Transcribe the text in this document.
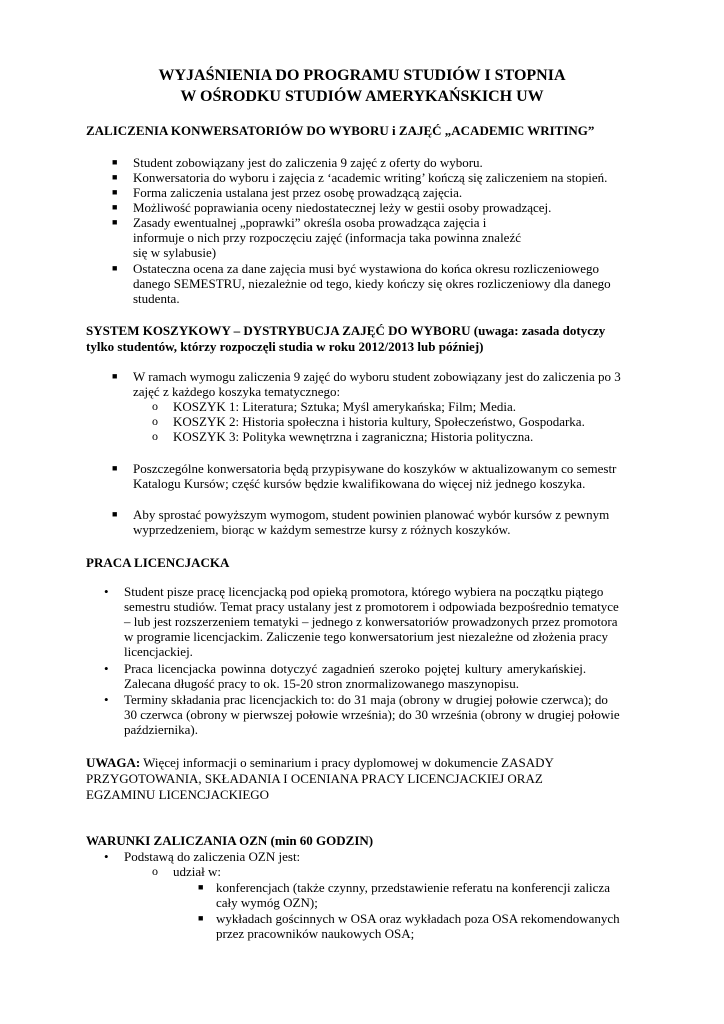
WYJAŚNIENIA DO PROGRAMU STUDIÓW I STOPNIA
W OŚRODKU STUDIÓW AMERYKAŃSKICH UW
ZALICZENIA KONWERSATORIÓW DO WYBORU i ZAJĘĆ „ACADEMIC WRITING”
■ Student zobowiązany jest do zaliczenia 9 zajęć z oferty do wyboru.
■ Konwersatoria do wyboru i zajęcia z ‘academic writing’ kończą się zaliczeniem na stopień.
■ Forma zaliczenia ustalana jest przez osobę prowadzącą zajęcia.
■ Możliwość poprawiania oceny niedostatecznej leży w gestii osoby prowadzącej.
■ Zasady ewentualnej „poprawki” określa osoba prowadząca zajęcia i
informuje o nich przy rozpoczęciu zajęć (informacja taka powinna znaleźć
się w sylabusie)
■ Ostateczna ocena za dane zajęcia musi być wystawiona do końca okresu rozliczeniowego
danego SEMESTRU, niezależnie od tego, kiedy kończy się okres rozliczeniowy dla danego
studenta.
SYSTEM KOSZYKOWY – DYSTRYBUCJA ZAJĘĆ DO WYBORU (uwaga: zasada dotyczy
tylko studentów, którzy rozpoczęli studia w roku 2012/2013 lub później)
■ W ramach wymogu zaliczenia 9 zajęć do wyboru student zobowiązany jest do zaliczenia po 3
zajęć z każdego koszyka tematycznego:
o KOSZYK 1: Literatura; Sztuka; Myśl amerykańska; Film; Media.
o KOSZYK 2: Historia społeczna i historia kultury, Społeczeństwo, Gospodarka.
o KOSZYK 3: Polityka wewnętrzna i zagraniczna; Historia polityczna.
■ Poszczególne konwersatoria będą przypisywane do koszyków w aktualizowanym co semestr
Katalogu Kursów; część kursów będzie kwalifikowana do więcej niż jednego koszyka.
■ Aby sprostać powyższym wymogom, student powinien planować wybór kursów z pewnym
wyprzedzeniem, biorąc w każdym semestrze kursy z różnych koszyków.
PRACA LICENCJACKA
• Student pisze pracę licencjacką pod opieką promotora, którego wybiera na początku piątego
semestru studiów. Temat pracy ustalany jest z promotorem i odpowiada bezpośrednio tematyce
– lub jest rozszerzeniem tematyki – jednego z konwersatoriów prowadzonych przez promotora
w programie licencjackim. Zaliczenie tego konwersatorium jest niezależne od złożenia pracy
licencjackiej.
• Praca licencjacka powinna dotyczyć zagadnień szeroko pojętej kultury amerykańskiej.
Zalecana długość pracy to ok. 15-20 stron znormalizowanego maszynopisu.
• Terminy składania prac licencjackich to: do 31 maja (obrony w drugiej połowie czerwca); do
30 czerwca (obrony w pierwszej połowie września); do 30 września (obrony w drugiej połowie
października).
UWAGA: Więcej informacji o seminarium i pracy dyplomowej w dokumencie ZASADY
PRZYGOTOWANIA, SKŁADANIA I OCENIANA PRACY LICENCJACKIEJ ORAZ
EGZAMINU LICENCJACKIEGO
WARUNKI ZALICZANIA OZN (min 60 GODZIN)
• Podstawą do zaliczenia OZN jest:
o udział w:
■ konferencjach (także czynny, przedstawienie referatu na konferencji zalicza
cały wymóg OZN);
■ wykładach gościnnych w OSA oraz wykładach poza OSA rekomendowanych
przez pracowników naukowych OSA;
